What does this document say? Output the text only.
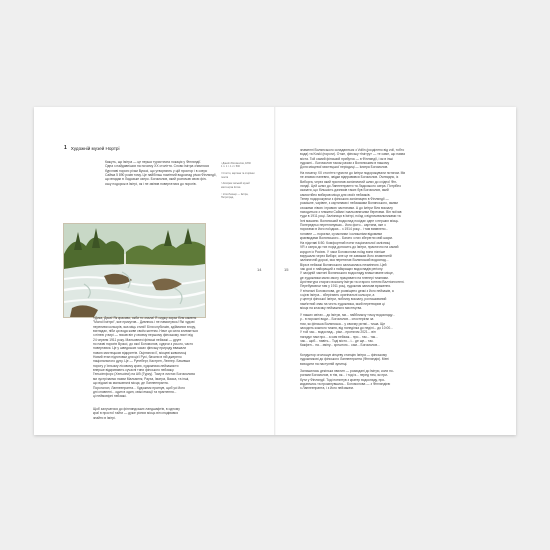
1 Художній музей Нортрі

Кажуть, що Імітра — це перша туристична локація у Фінляндії.
Одна з найдавніших на початку XX століття. Слово Імітра з'явилося
бурхливі пороги річки Вуоксі, що утворюють у цій простор і в озеро
Сайма 5 890 років тому. Це найбільш помітний водоспад річки Фінляндії,
що впадає в Ладозьке озеро. Богомолов, який розпочав свою фін-
ську подорож в Імітрі, як і не змінив повертатися до порогів.

¹ Даниїл Богомолов, 1830
1 п. 1 т. 1 ст. 500

² Стаття, картина та сторінки
поетів

³ Авторка: міський музей
мистецтва Котки.

⁴ Ілля Лехнер — Імітра,
Петроград.

«Дика, Дика! Як красиво, якби ти знала! Я сиджу зараз біля каменя
"Малої Імітри", яке прикутив... Дивлюсь і не намилуюсь! Які чудові
переливи кольорів, яка міць стихії! Біля клубочків, здійманих вгору,
виглядає, ніби ця вода живе своїм життям. Наче ця сила зливається
з пінею у вирі — писав він у своєму першому фінському листі від
24 червня 1911 року. Мальовничі фінські пейзажі — друге
по назві порогів Вуоксі, до якої Богомолов, судячи з усього, часто
повертався. Це у шведських часах фінську природу вважали
новою мистецьких відкриттів. Оцінюючи її, місцеві живописці
Новий етап підготовки для цієї Русі, бачили в ній джерело
національного духу. Це — Рунеберг, Кастрен, Лехнер. Бачивши
порогу у їхньому лісовому краю, художники-пейзажисти
вперше відкривають сучасні типи фінського пейзажу.
Гельсінгфорс (Хельсінкі) на Абі (Турку). Тому в листах Богомолова
ми зустрічаємо назви Мальменк, Рауха, Іматра, Вааса, та інші,
що відомі як мальовничі місця, де Лаппеенранта.
Порогалоп, Лаппеенранта... Художник прагнув, щоб усі його
дні сповнені... один в один, свіжі емоції та прагнення...
ці неймовірні пейзажі.

Щоб залучатися до фінляндських ландшафтів, в одному
краї в простої тайги — дуже різних місць він сподівався
знайти в Імітрі.

14	15

знаменні Волянського складаються з Vollin (розділено від voll, тобто
вода) та Koski (пороги). Отже, фінську «Імітру» — те саме, що назва
міста. Той самий фінський прибуток — в Фінляндії, і як в інші
художні... Богомолов також разом з Волянським в нашому
Доля місцевої мистецької періодиці — Іматра Богомолов.

На початку XX століття туристи до Імітри подорожували потягом. Ми
не знаємо напевно, звідки відправився Богомолов. Очевидно, із
Виборга, через який пролягав залізничний шлях до східної Фін-
ляндії. Цей шлях до Лаппеенранти та Ладозького озера. Потрібно
сказати, що більшість дачників таких був Богомолов, який
самостійно вибирав місця для своїх пейзажів.
Тепер подорожуючи з фінською залізницею в Фінляндії —
розкішне, чарівне, з картинами і пейзажами Волянського, якими
схожими лівою і правою частинами. А до Імітри біля вокзалу
находиться з пляжем Сайми і мальовничими берегами. Він поїхав
туди в 1911 році. Залізниця в Імітрі, поїзд з відпочивальниками та
їхні машини. Волянський водоспад посідає одне з перших місць.
Попередньо переглянувши... його фото... картина, яке з
порогами в його поїздках... з 1914 року... і там виявлено...
головне — порогам, сучасними і колишніми відомими
краєвидами Волянського... Багато з них зберегли свій шарм.

На підставі 6:50. Комфортний потяг національної залізниці
VR з озера до тих порід доносить до Імітри, практично на самий
кордон із Росією. У часи Богомолова поїзд вони пізніше
вирушали через Виборг, але це не заважає його знаменитій
залізничній дорозі, яка перетинає Волянський водоспад...
Віра в пейзажі Волянського залишилась незмінною. Цей
час досі є найкращий з найкращих водоспадів регіону.
У західній частині Волянського водоспаду влаштоване місце,
де художники мали змогу працювати на пленері тижнями.
Архітектура старого вокзалу Імітри та старого готелю Валтіонхотелі.
Перебуваючи там у 1911 році, художник записав враження.
У вітальні Богомолова, де розміщено деякі з його пейзажів, а
з цією Імітра... зберігають оригінальні кольори, а
у центрі фінської Імітри, поблизу вокзалу, розташований
пам'ятний знак на честь художника, який перетворив ці
місця на класику пейзажного мистецтва.

У наших світах... до Імітри, ми... найближчу точку водоспаду...
у... в порожні води... Богомолов... спостерігає за
тим, як фінська Волянська... у своєму ритмі... тиша. Ще
заходить кожного тижня, від понеділка до неділі... до 10:00...
У той час... водоспад... ріки... протягом 2021... він
нагадує нам про... а сам пейзаж... про... так... так...
час... щоб... навіть... Тоді місто... і... де ще... так.
Какфен... на... зміну... зрештою... сам... Богомолов...

Кондуктор оголошує кінцеву станцію Імітра — фінському
художникові до фінського Лаппеенранта (Фінляндія). Мені
виходити на наступній зупинці.

Залишилась декілька хвилин — розкидані до Імітри, коли по-
рогами Богомолов, в тім, як... і тоді я... перед тим, як при-
бути у Фінляндії. Тоді потягнув з кратер водоспаду, про-
кидаючись та прокинувшись... Богомолова — з Фінляндією
з Лаппеенранта, і з його пейзажем.
